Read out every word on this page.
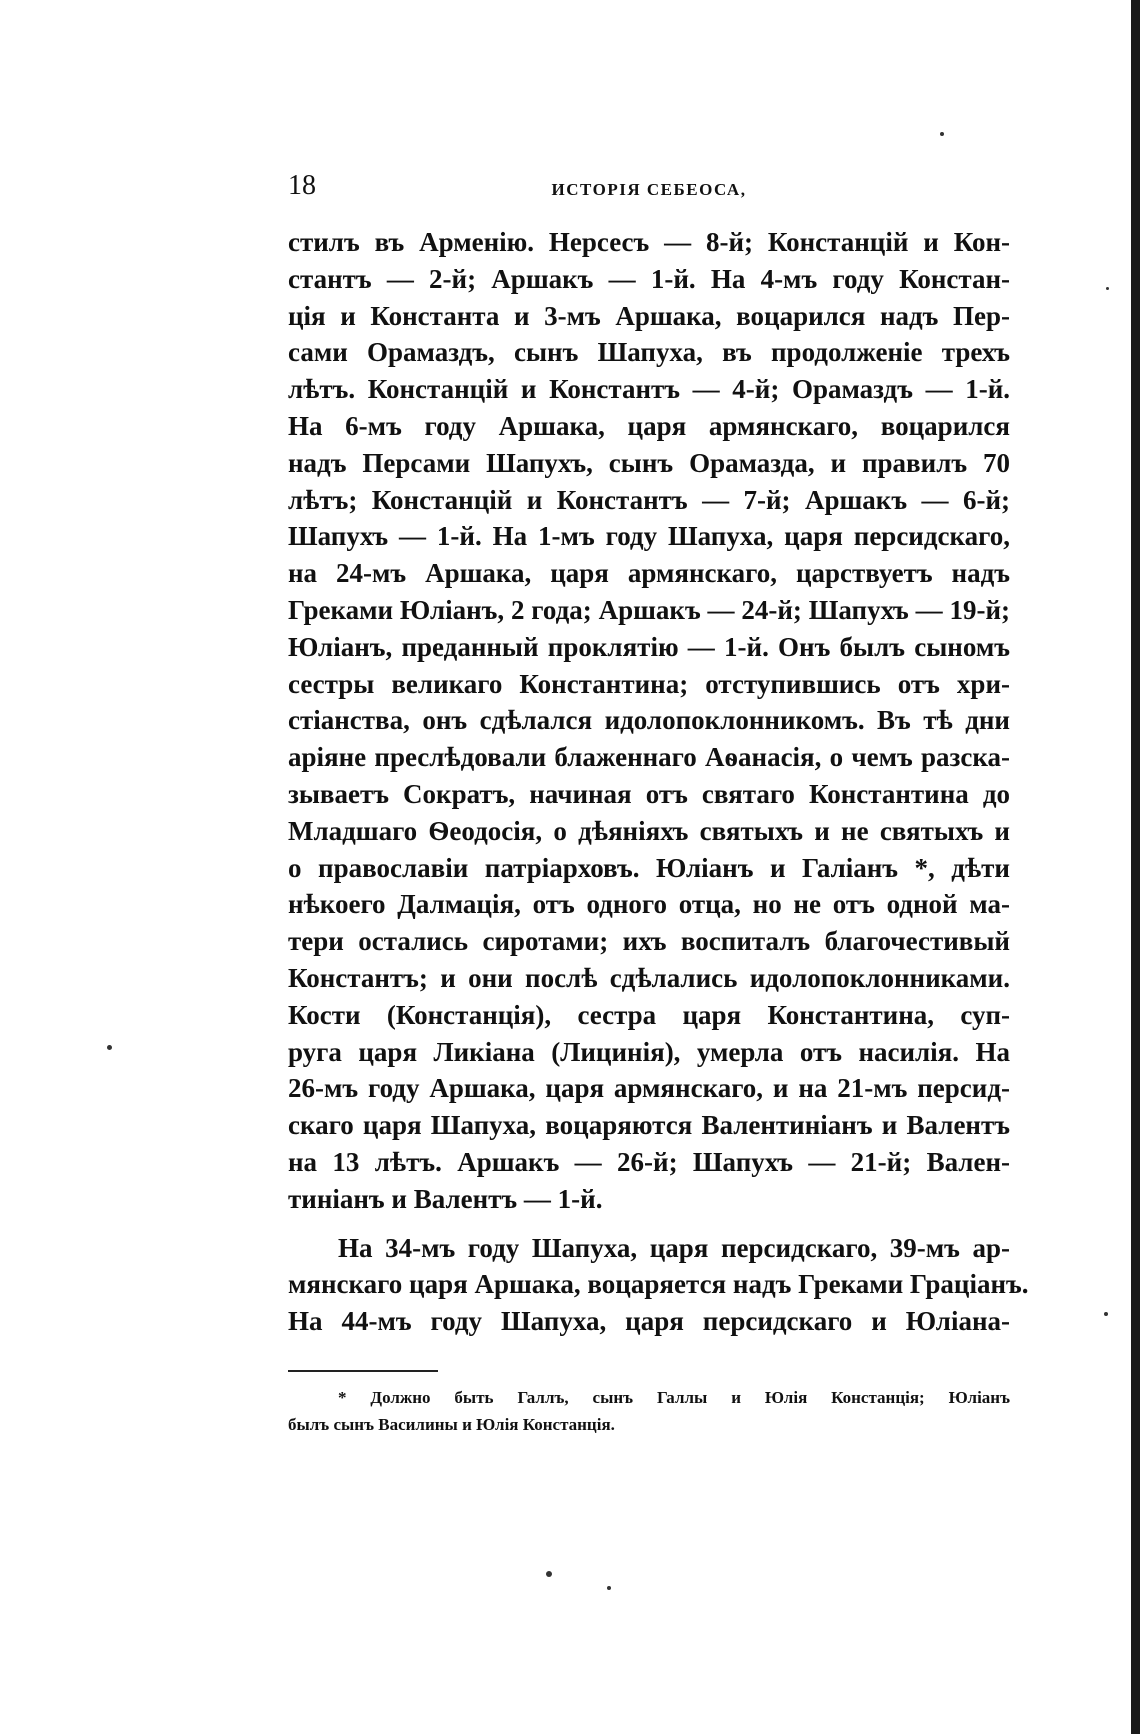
18	ИСТОРІЯ СЕБЕОСА,
стилъ въ Арменію. Нерсесъ — 8-й; Констанцій и Кон-
стантъ — 2-й; Аршакъ — 1-й. На 4-мъ году Констан-
ція и Константа и 3-мъ Аршака, воцарился надъ Пер-
сами Орамаздъ, сынъ Шапуха, въ продолженіе трехъ
лѣтъ. Констанцій и Константъ — 4-й; Орамаздъ — 1-й.
На 6-мъ году Аршака, царя армянскаго, воцарился
надъ Персами Шапухъ, сынъ Орамазда, и правилъ 70
лѣтъ; Констанцій и Константъ — 7-й; Аршакъ — 6-й;
Шапухъ — 1-й. На 1-мъ году Шапуха, царя персидскаго,
на 24-мъ Аршака, царя армянскаго, царствуетъ надъ
Греками Юліанъ, 2 года; Аршакъ — 24-й; Шапухъ — 19-й;
Юліанъ, преданный проклятію — 1-й. Онъ былъ сыномъ
сестры великаго Константина; отступившись отъ хри-
стіанства, онъ сдѣлался идолопоклонникомъ. Въ тѣ дни
аріяне преслѣдовали блаженнаго Аѳанасія, о чемъ разска-
зываетъ Сократъ, начиная отъ святаго Константина до
Младшаго Ѳеодосія, о дѣяніяхъ святыхъ и не святыхъ и
о православіи патріарховъ. Юліанъ и Галіанъ *, дѣти
нѣкоего Далмація, отъ одного отца, но не отъ одной ма-
тери остались сиротами; ихъ воспиталъ благочестивый
Константъ; и они послѣ сдѣлались идолопоклонниками.
Кости (Констанція), сестра царя Константина, суп-
руга царя Ликіана (Лицинія), умерла отъ насилія. На
26-мъ году Аршака, царя армянскаго, и на 21-мъ персид-
скаго царя Шапуха, воцаряются Валентиніанъ и Валентъ
на 13 лѣтъ. Аршакъ — 26-й; Шапухъ — 21-й; Вален-
тиніанъ и Валентъ — 1-й.
На 34-мъ году Шапуха, царя персидскаго, 39-мъ ар-
мянскаго царя Аршака, воцаряется надъ Греками Граціанъ.
На 44-мъ году Шапуха, царя персидскаго и Юліана-
* Должно быть Галлъ, сынъ Галлы и Юлія Констанція; Юліанъ
былъ сынъ Василины и Юлія Констанція.
